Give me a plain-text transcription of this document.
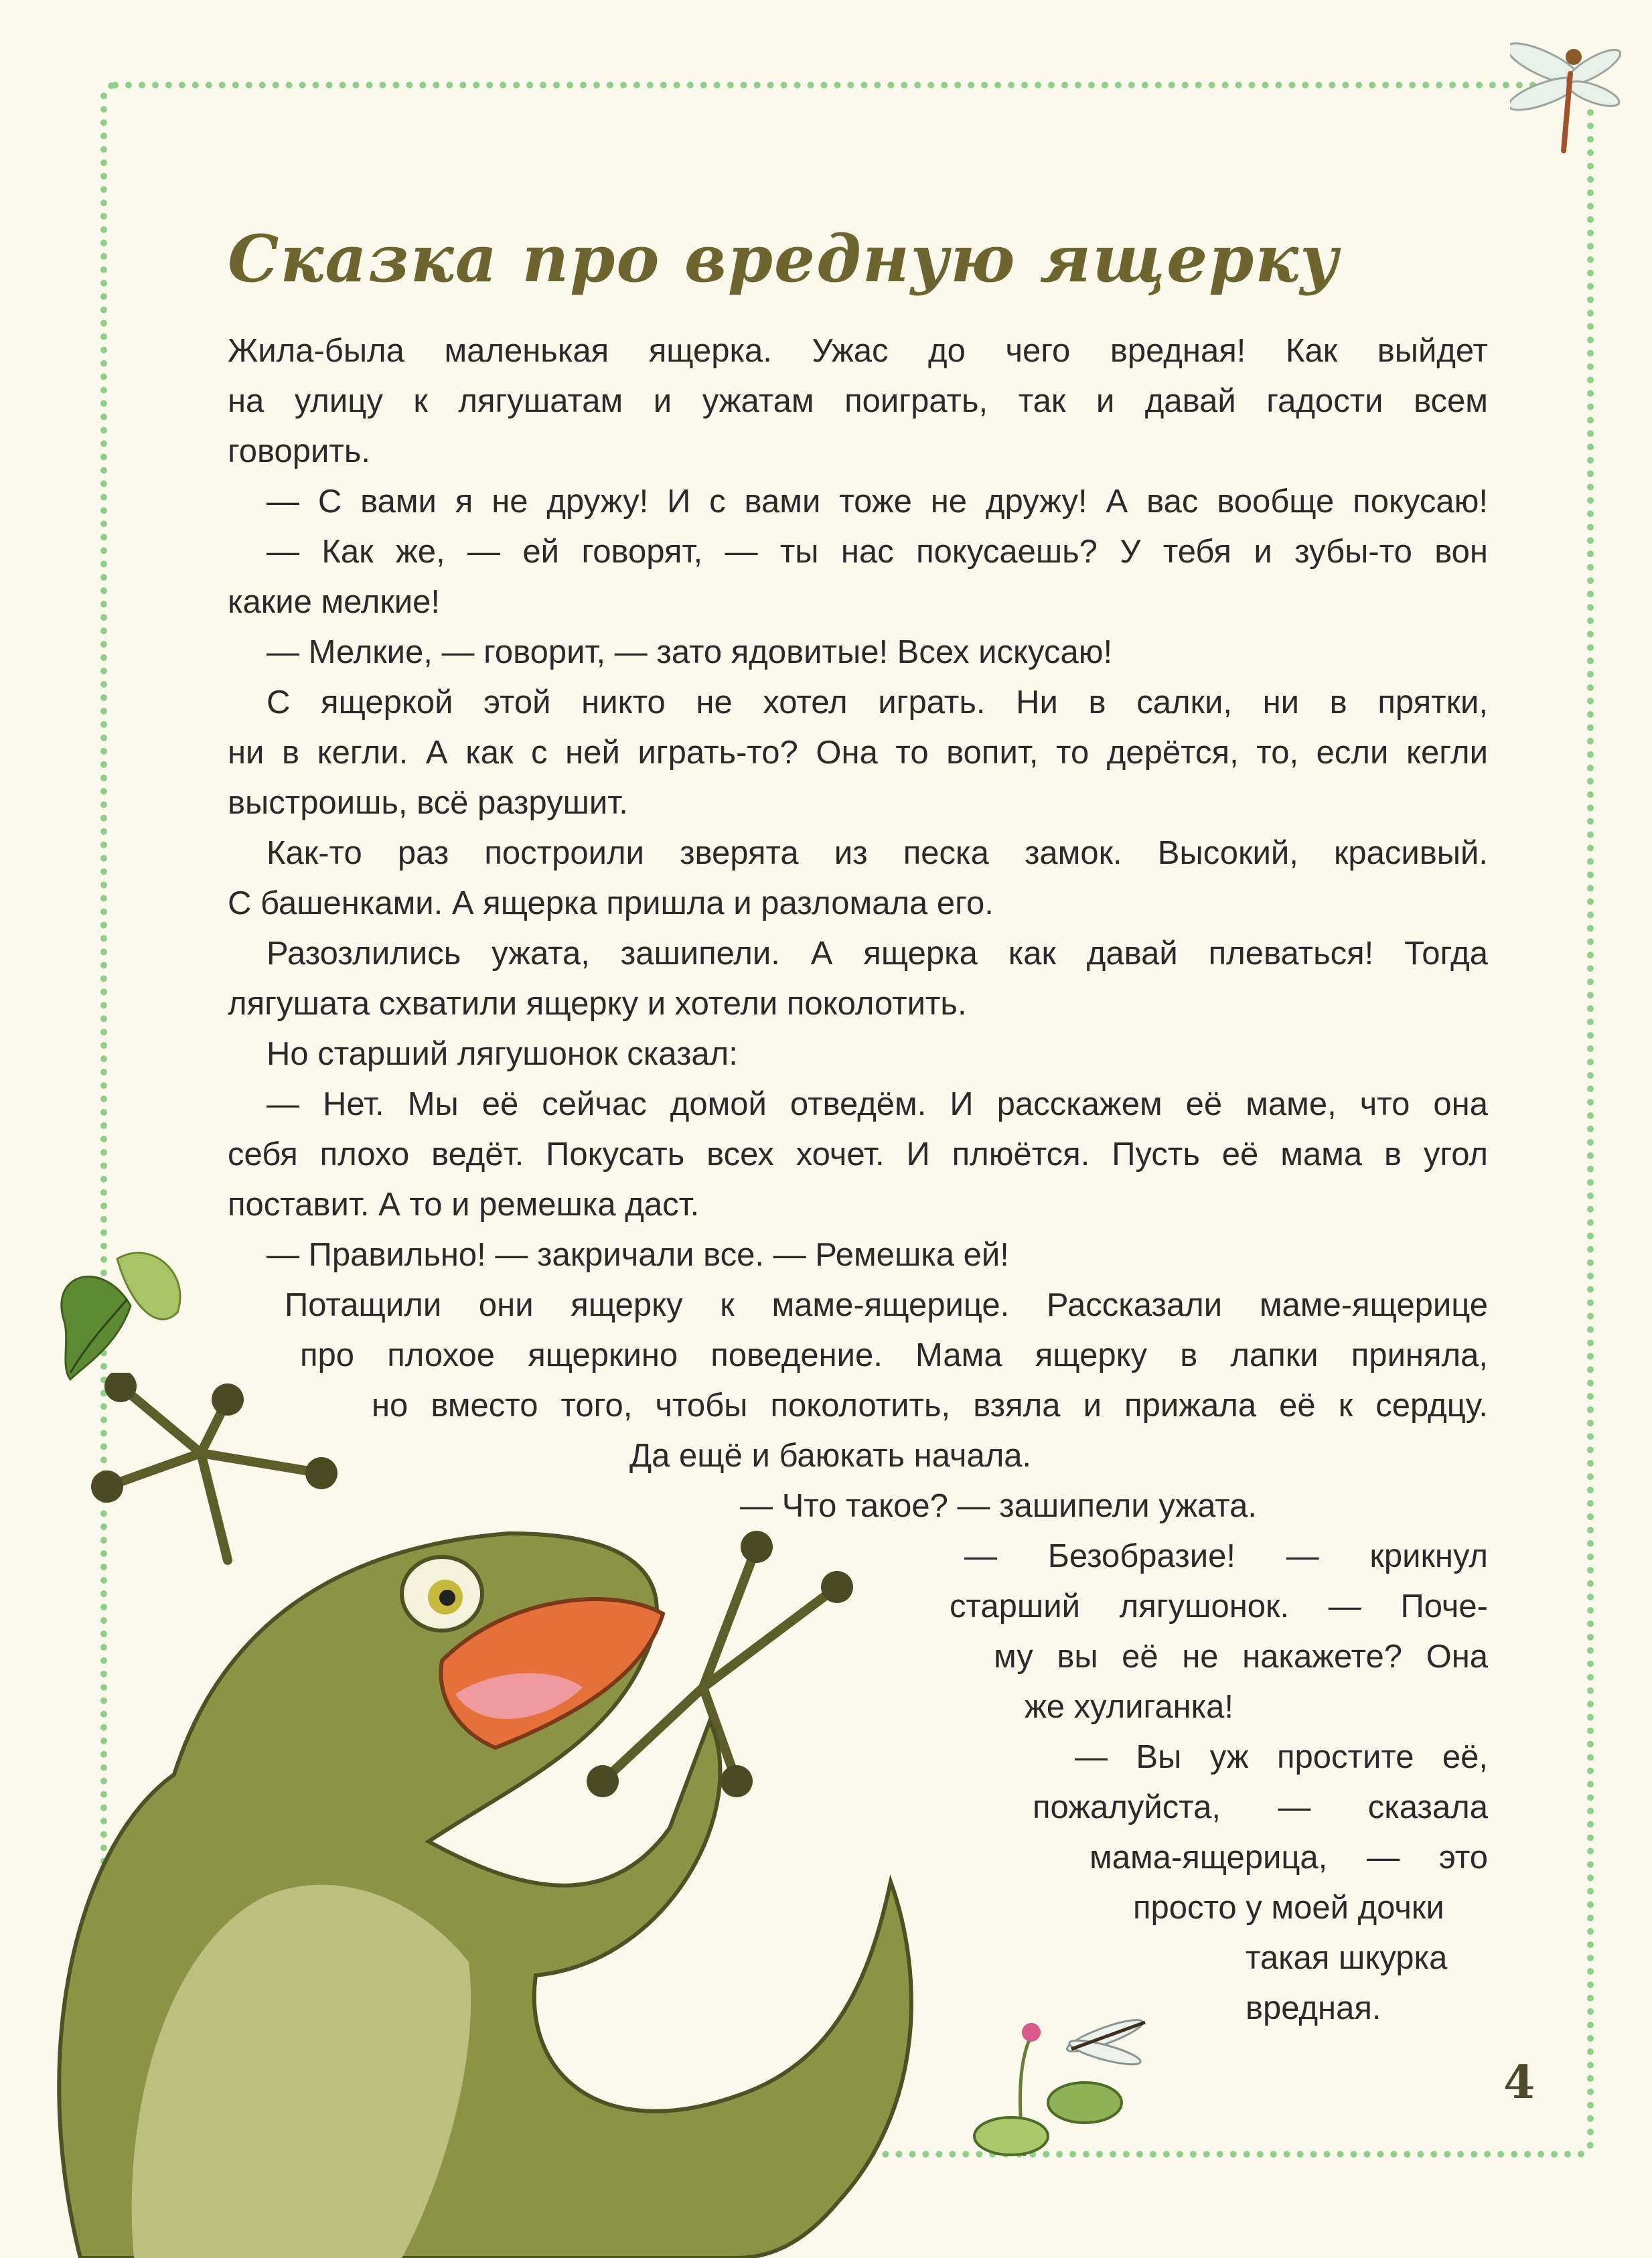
Сказка про вредную ящерку

Жила-была маленькая ящерка. Ужас до чего вредная! Как выйдет

на улицу к лягушатам и ужатам поиграть, так и давай гадости всем

говорить.

— С вами я не дружу! И с вами тоже не дружу! А вас вообще покусаю!

— Как же, — ей говорят, — ты нас покусаешь? У тебя и зубы-то вон

какие мелкие!

— Мелкие, — говорит, — зато ядовитые! Всех искусаю!

С ящеркой этой никто не хотел играть. Ни в салки, ни в прятки,

ни в кегли. А как с ней играть-то? Она то вопит, то дерётся, то, если кегли

выстроишь, всё разрушит.

Как-то раз построили зверята из песка замок. Высокий, красивый.

С башенками. А ящерка пришла и разломала его.

Разозлились ужата, зашипели. А ящерка как давай плеваться! Тогда

лягушата схватили ящерку и хотели поколотить.

Но старший лягушонок сказал:

— Нет. Мы её сейчас домой отведём. И расскажем её маме, что она

себя плохо ведёт. Покусать всех хочет. И плюётся. Пусть её мама в угол

поставит. А то и ремешка даст.

— Правильно! — закричали все. — Ремешка ей!

Потащили они ящерку к маме-ящерице. Рассказали маме-ящерице

про плохое ящеркино поведение. Мама ящерку в лапки приняла,

но вместо того, чтобы поколотить, взяла и прижала её к сердцу.

Да ещё и баюкать начала.

— Что такое? — зашипели ужата.

— Безобразие! — крикнул

старший лягушонок. — Поче-

му вы её не накажете? Она

же хулиганка!

— Вы уж простите её,

пожалуйста, — сказала

мама-ящерица, — это

просто у моей дочки

такая шкурка

вредная.

4
